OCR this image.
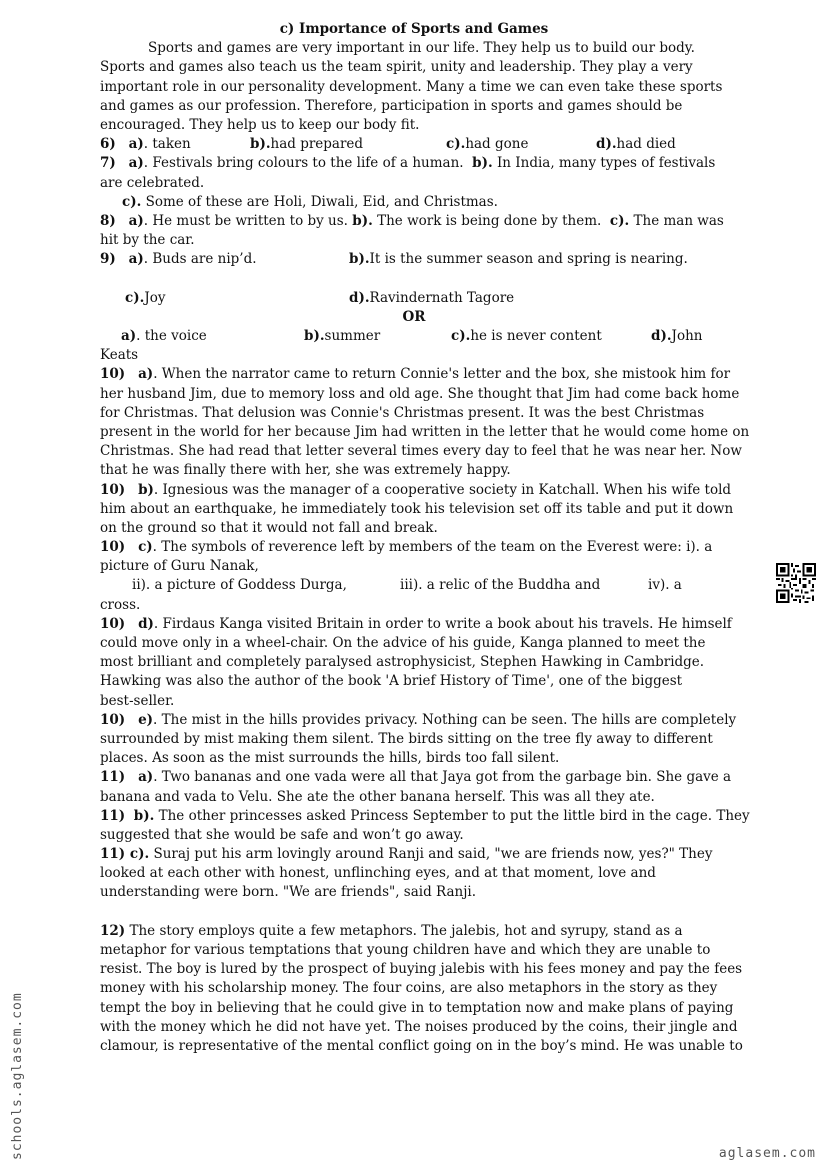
c) Importance of Sports and Games
Sports and games are very important in our life. They help us to build our body.
Sports and games also teach us the team spirit, unity and leadership. They play a very
important role in our personality development. Many a time we can even take these sports
and games as our profession. Therefore, participation in sports and games should be
encouraged. They help us to keep our body fit.
6) a). taken	b).had prepared	c).had gone	d).had died
7) a). Festivals bring colours to the life of a human. b). In India, many types of festivals
are celebrated.
c). Some of these are Holi, Diwali, Eid, and Christmas.
8) a). He must be written to by us. b). The work is being done by them. c). The man was
hit by the car.
9) a). Buds are nip’d.	b).It is the summer season and spring is nearing.
c).Joy	d).Ravindernath Tagore
OR
a). the voice	b).summer	c).he is never content	d).John
Keats
10) a). When the narrator came to return Connie's letter and the box, she mistook him for
her husband Jim, due to memory loss and old age. She thought that Jim had come back home
for Christmas. That delusion was Connie's Christmas present. It was the best Christmas
present in the world for her because Jim had written in the letter that he would come home on
Christmas. She had read that letter several times every day to feel that he was near her. Now
that he was finally there with her, she was extremely happy.
10) b). Ignesious was the manager of a cooperative society in Katchall. When his wife told
him about an earthquake, he immediately took his television set off its table and put it down
on the ground so that it would not fall and break.
10) c). The symbols of reverence left by members of the team on the Everest were: i). a
picture of Guru Nanak,
ii). a picture of Goddess Durga,	iii). a relic of the Buddha and	iv). a
cross.
10) d). Firdaus Kanga visited Britain in order to write a book about his travels. He himself
could move only in a wheel-chair. On the advice of his guide, Kanga planned to meet the
most brilliant and completely paralysed astrophysicist, Stephen Hawking in Cambridge.
Hawking was also the author of the book 'A brief History of Time', one of the biggest
best-seller.
10) e). The mist in the hills provides privacy. Nothing can be seen. The hills are completely
surrounded by mist making them silent. The birds sitting on the tree fly away to different
places. As soon as the mist surrounds the hills, birds too fall silent.
11) a). Two bananas and one vada were all that Jaya got from the garbage bin. She gave a
banana and vada to Velu. She ate the other banana herself. This was all they ate.
11) b). The other princesses asked Princess September to put the little bird in the cage. They
suggested that she would be safe and won’t go away.
11) c). Suraj put his arm lovingly around Ranji and said, "we are friends now, yes?" They
looked at each other with honest, unflinching eyes, and at that moment, love and
understanding were born. "We are friends", said Ranji.
12) The story employs quite a few metaphors. The jalebis, hot and syrupy, stand as a
metaphor for various temptations that young children have and which they are unable to
resist. The boy is lured by the prospect of buying jalebis with his fees money and pay the fees
money with his scholarship money. The four coins, are also metaphors in the story as they
tempt the boy in believing that he could give in to temptation now and make plans of paying
with the money which he did not have yet. The noises produced by the coins, their jingle and
clamour, is representative of the mental conflict going on in the boy’s mind. He was unable to
schools.aglasem.com	aglasem.com
